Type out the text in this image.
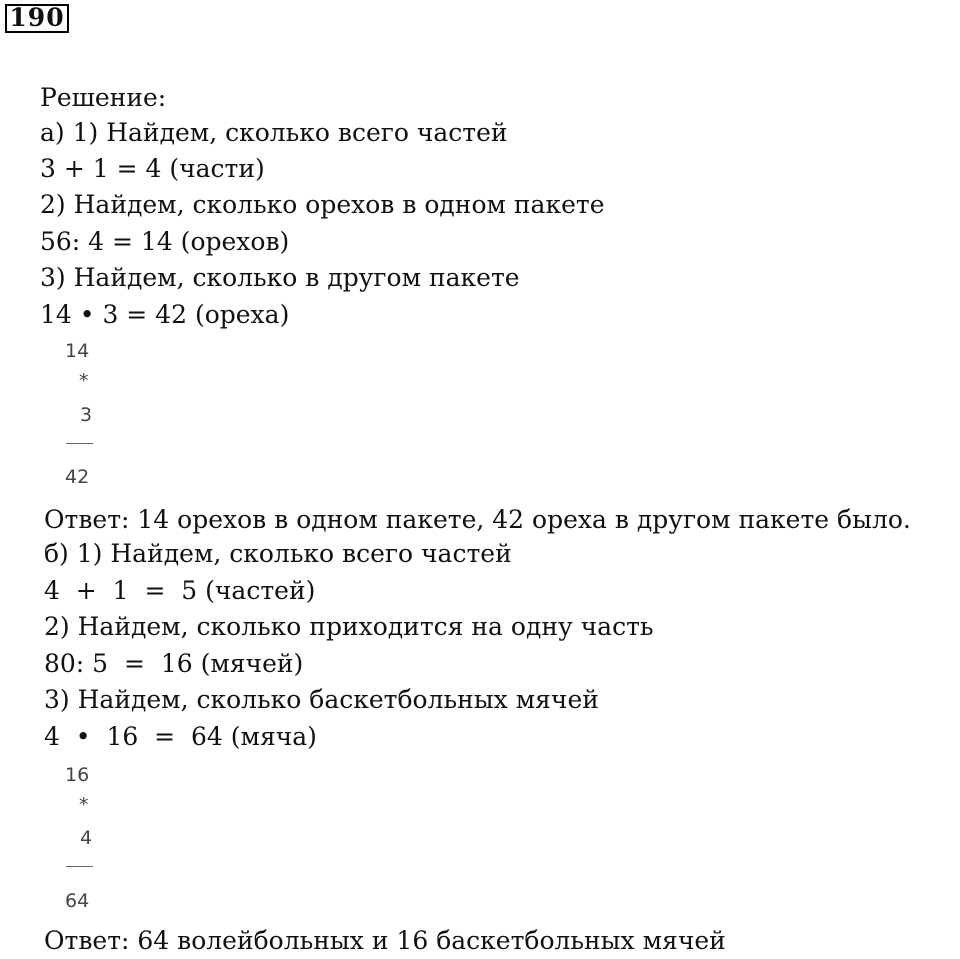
190
Решение:
а) 1) Найдем, сколько всего частей
3 + 1 = 4 (части)
2) Найдем, сколько орехов в одном пакете
56: 4 = 14 (орехов)
3) Найдем, сколько в другом пакете
14 • 3 = 42 (ореха)
14
*
3
42
Ответ: 14 орехов в одном пакете, 42 ореха в другом пакете было.
б) 1) Найдем, сколько всего частей
4  +  1  =  5 (частей)
2) Найдем, сколько приходится на одну часть
80: 5  =  16 (мячей)
3) Найдем, сколько баскетбольных мячей
4  •  16  =  64 (мяча)
16
*
4
64
Ответ: 64 волейбольных и 16 баскетбольных мячей
